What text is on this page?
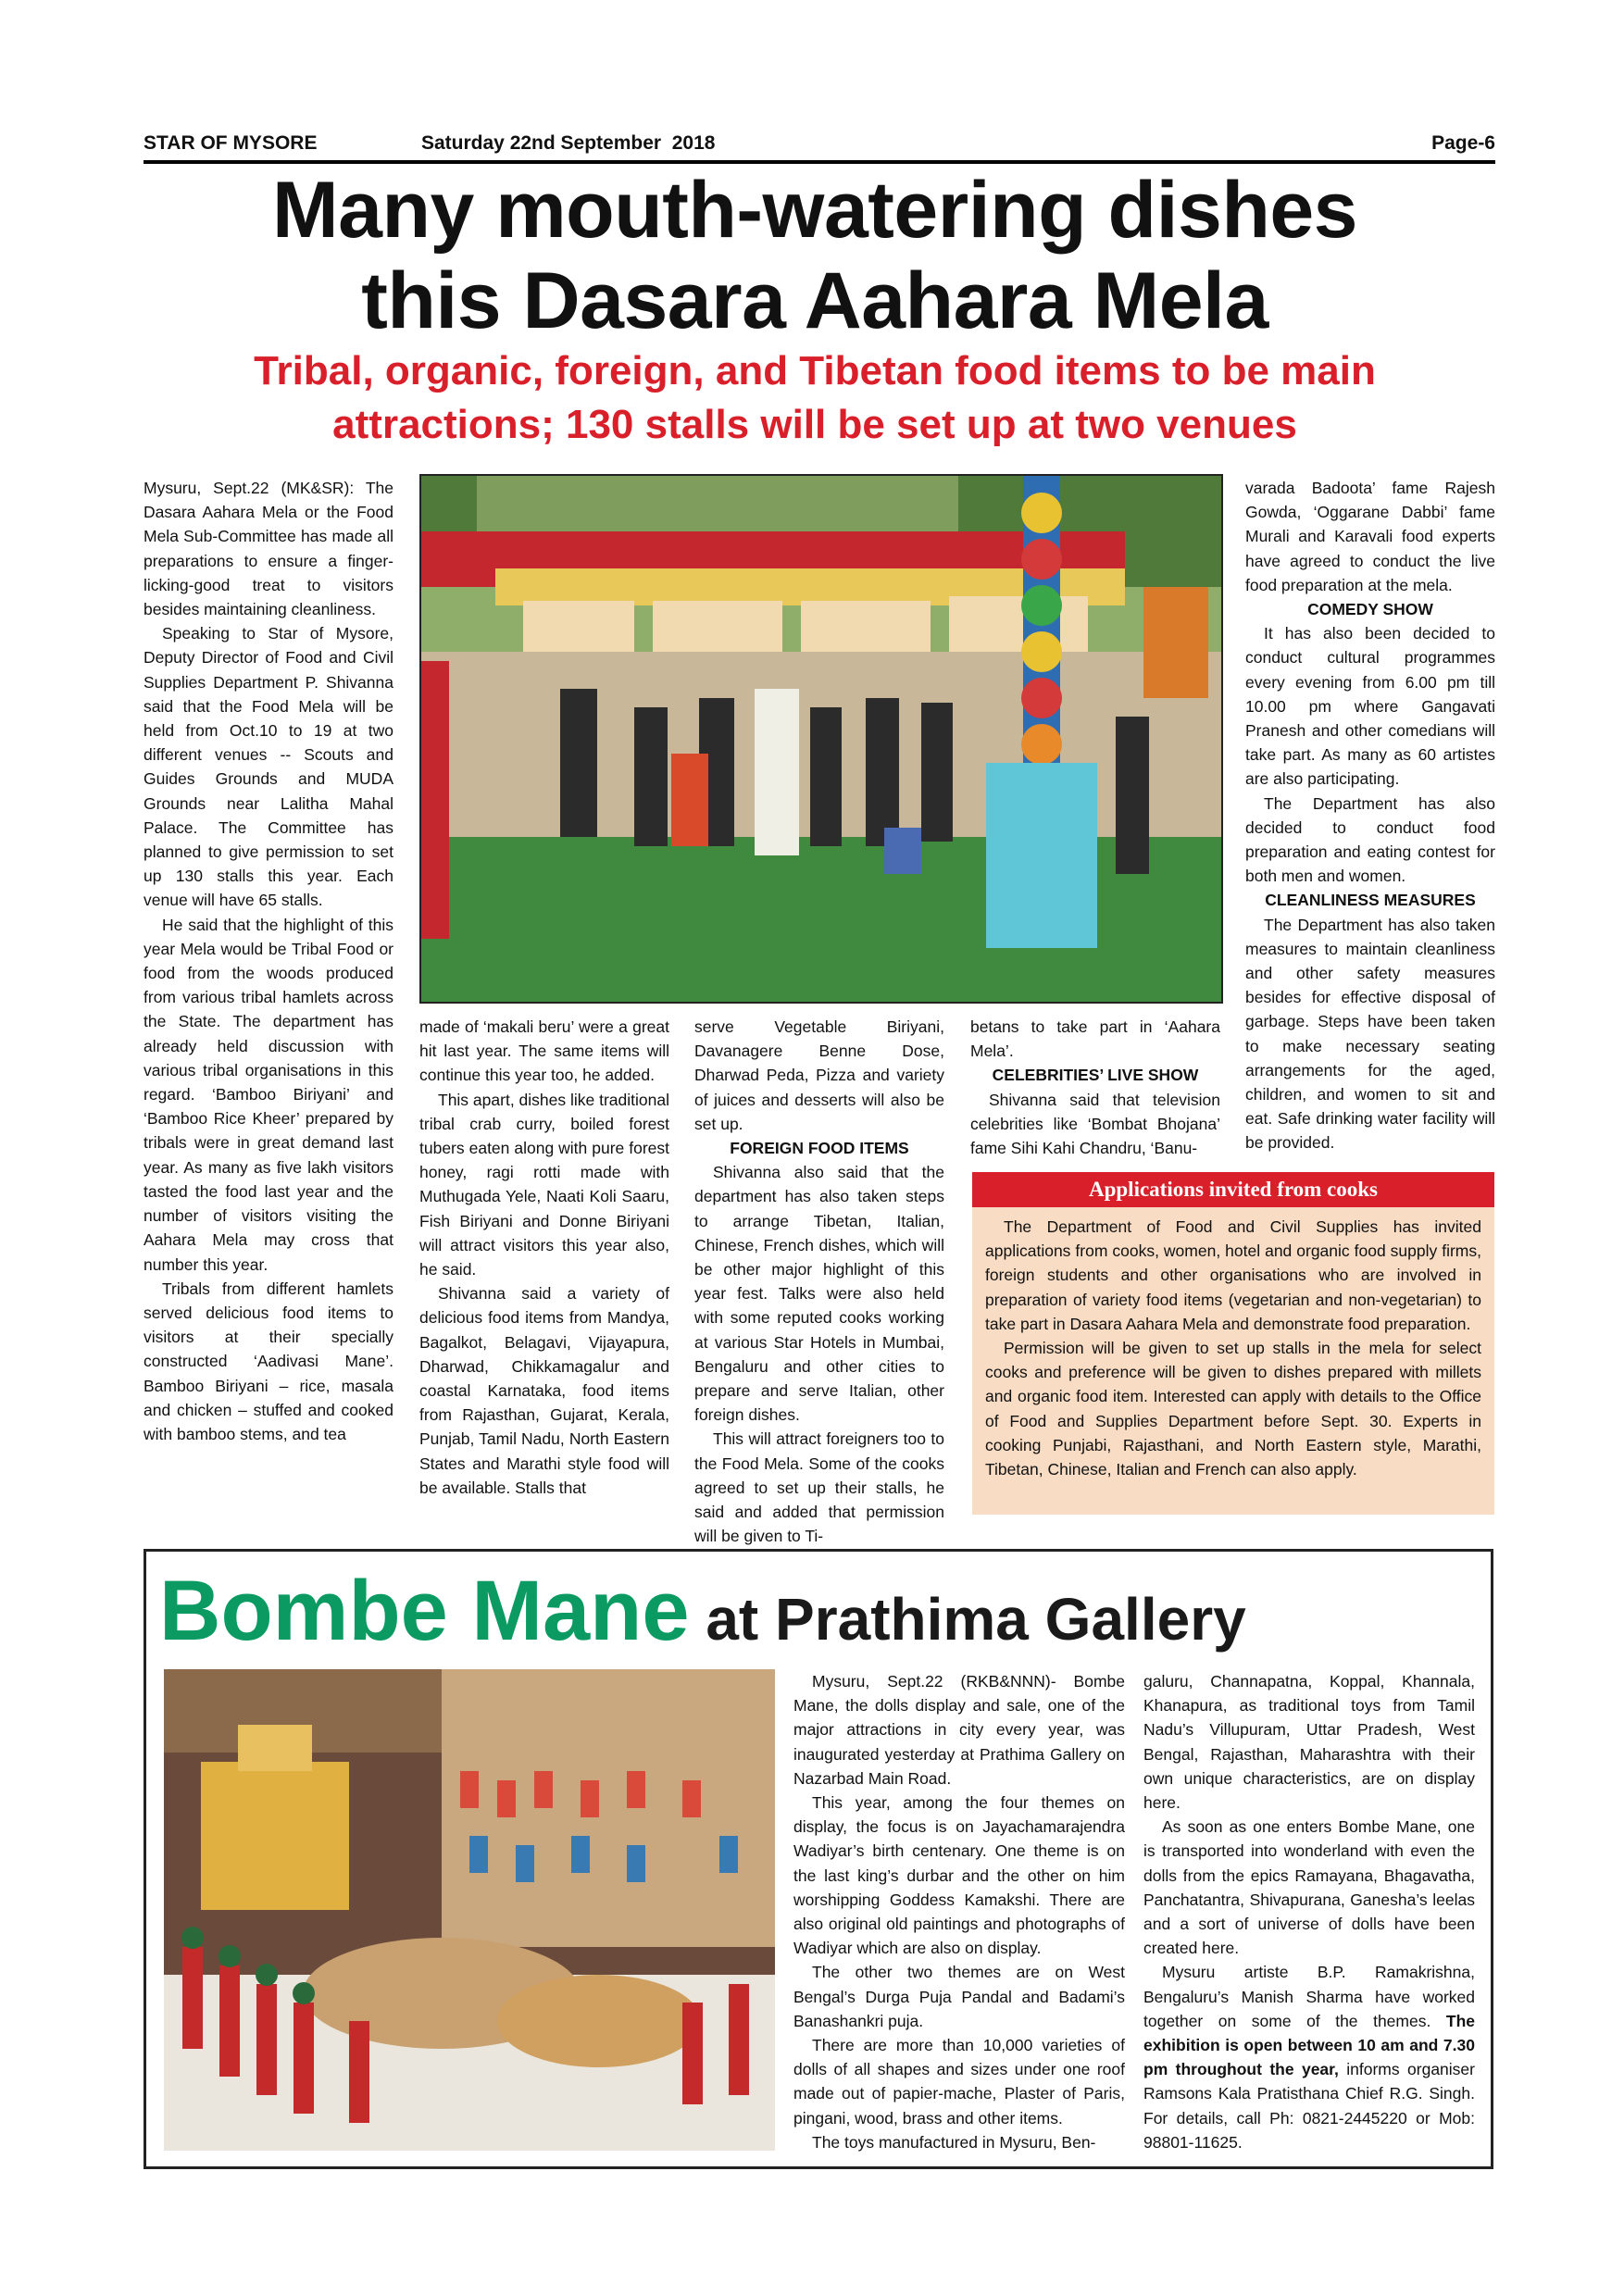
STAR OF MYSORE	Saturday 22nd September  2018	Page-6
Many mouth-watering dishes
this Dasara Aahara Mela
Tribal, organic, foreign, and Tibetan food items to be main
attractions; 130 stalls will be set up at two venues

Mysuru, Sept.22 (MK&SR): The Dasara Aahara Mela or the Food Mela Sub-Committee has made all preparations to ensure a finger-licking-good treat to visitors besides maintaining cleanliness.

Speaking to Star of Mysore, Deputy Director of Food and Civil Supplies Department P. Shivanna said that the Food Mela will be held from Oct.10 to 19 at two different venues -- Scouts and Guides Grounds and MUDA Grounds near Lalitha Mahal Palace. The Committee has planned to give permission to set up 130 stalls this year. Each venue will have 65 stalls.

He said that the highlight of this year Mela would be Tribal Food or food from the woods produced from various tribal hamlets across the State. The department has already held discussion with various tribal organisations in this regard. ‘Bamboo Biriyani’ and ‘Bamboo Rice Kheer’ prepared by tribals were in great demand last year. As many as five lakh visitors tasted the food last year and the number of visitors visiting the Aahara Mela may cross that number this year.

Tribals from different hamlets served delicious food items to visitors at their specially constructed ‘Aadivasi Mane’. Bamboo Biriyani – rice, masala and chicken – stuffed and cooked with bamboo stems, and tea

made of ‘makali beru’ were a great hit last year. The same items will continue this year too, he added.

This apart, dishes like traditional tribal crab curry, boiled forest tubers eaten along with pure forest honey, ragi rotti made with Muthugada Yele, Naati Koli Saaru, Fish Biriyani and Donne Biriyani will attract visitors this year also, he said.

Shivanna said a variety of delicious food items from Mandya, Bagalkot, Belagavi, Vijayapura, Dharwad, Chikkamagalur and coastal Karnataka, food items from Rajasthan, Gujarat, Kerala, Punjab, Tamil Nadu, North Eastern States and Marathi style food will be available. Stalls that

serve Vegetable Biriyani, Davanagere Benne Dose, Dharwad Peda, Pizza and variety of juices and desserts will also be set up.

FOREIGN FOOD ITEMS

Shivanna also said that the department has also taken steps to arrange Tibetan, Italian, Chinese, French dishes, which will be other major highlight of this year fest. Talks were also held with some reputed cooks working at various Star Hotels in Mumbai, Bengaluru and other cities to prepare and serve Italian, other foreign dishes.

This will attract foreigners too to the Food Mela. Some of the cooks agreed to set up their stalls, he said and added that permission will be given to Ti-

betans to take part in ‘Aahara Mela’.

CELEBRITIES’ LIVE SHOW

Shivanna said that television celebrities like ‘Bombat Bhojana’ fame Sihi Kahi Chandru, ‘Banu-

varada Badoota’ fame Rajesh Gowda, ‘Oggarane Dabbi’ fame Murali and Karavali food experts have agreed to conduct the live food preparation at the mela.

COMEDY SHOW

It has also been decided to conduct cultural programmes every evening from 6.00 pm till 10.00 pm where Gangavati Pranesh and other comedians will take part. As many as 60 artistes are also participating.

The Department has also decided to conduct food preparation and eating contest for both men and women.

CLEANLINESS MEASURES

The Department has also taken measures to maintain cleanliness and other safety measures besides for effective disposal of garbage. Steps have been taken to make necessary seating arrangements for the aged, children, and women to sit and eat. Safe drinking water facility will be provided.

Applications invited from cooks

The Department of Food and Civil Supplies has invited applications from cooks, women, hotel and organic food supply firms, foreign students and other organisations who are involved in preparation of variety food items (vegetarian and non-vegetarian) to take part in Dasara Aahara Mela and demonstrate food preparation.

Permission will be given to set up stalls in the mela for select cooks and preference will be given to dishes prepared with millets and organic food item. Interested can apply with details to the Office of Food and Supplies Department before Sept. 30. Experts in cooking Punjabi, Rajasthani, and North Eastern style, Marathi, Tibetan, Chinese, Italian and French can also apply.

Bombe Mane at Prathima Gallery

Mysuru, Sept.22 (RKB&NNN)- Bombe Mane, the dolls display and sale, one of the major attractions in city every year, was inaugurated yesterday at Prathima Gallery on Nazarbad Main Road.

This year, among the four themes on display, the focus is on Jayachamarajendra Wadiyar’s birth centenary. One theme is on the last king’s durbar and the other on him worshipping Goddess Kamakshi. There are also original old paintings and photographs of Wadiyar which are also on display.

The other two themes are on West Bengal’s Durga Puja Pandal and Badami’s Banashankri puja.

There are more than 10,000 varieties of dolls of all shapes and sizes under one roof made out of papier-mache, Plaster of Paris, pingani, wood, brass and other items.

The toys manufactured in Mysuru, Ben-

galuru, Channapatna, Koppal, Khannala, Khanapura, as traditional toys from Tamil Nadu’s Villupuram, Uttar Pradesh, West Bengal, Rajasthan, Maharashtra with their own unique characteristics, are on display here.

As soon as one enters Bombe Mane, one is transported into wonderland with even the dolls from the epics Ramayana, Bhagavatha, Panchatantra, Shivapurana, Ganesha’s leelas and a sort of universe of dolls have been created here.

Mysuru artiste B.P. Ramakrishna, Bengaluru’s Manish Sharma have worked together on some of the themes. The exhibition is open between 10 am and 7.30 pm throughout the year, informs organiser Ramsons Kala Pratisthana Chief R.G. Singh. For details, call Ph: 0821-2445220 or Mob: 98801-11625.
